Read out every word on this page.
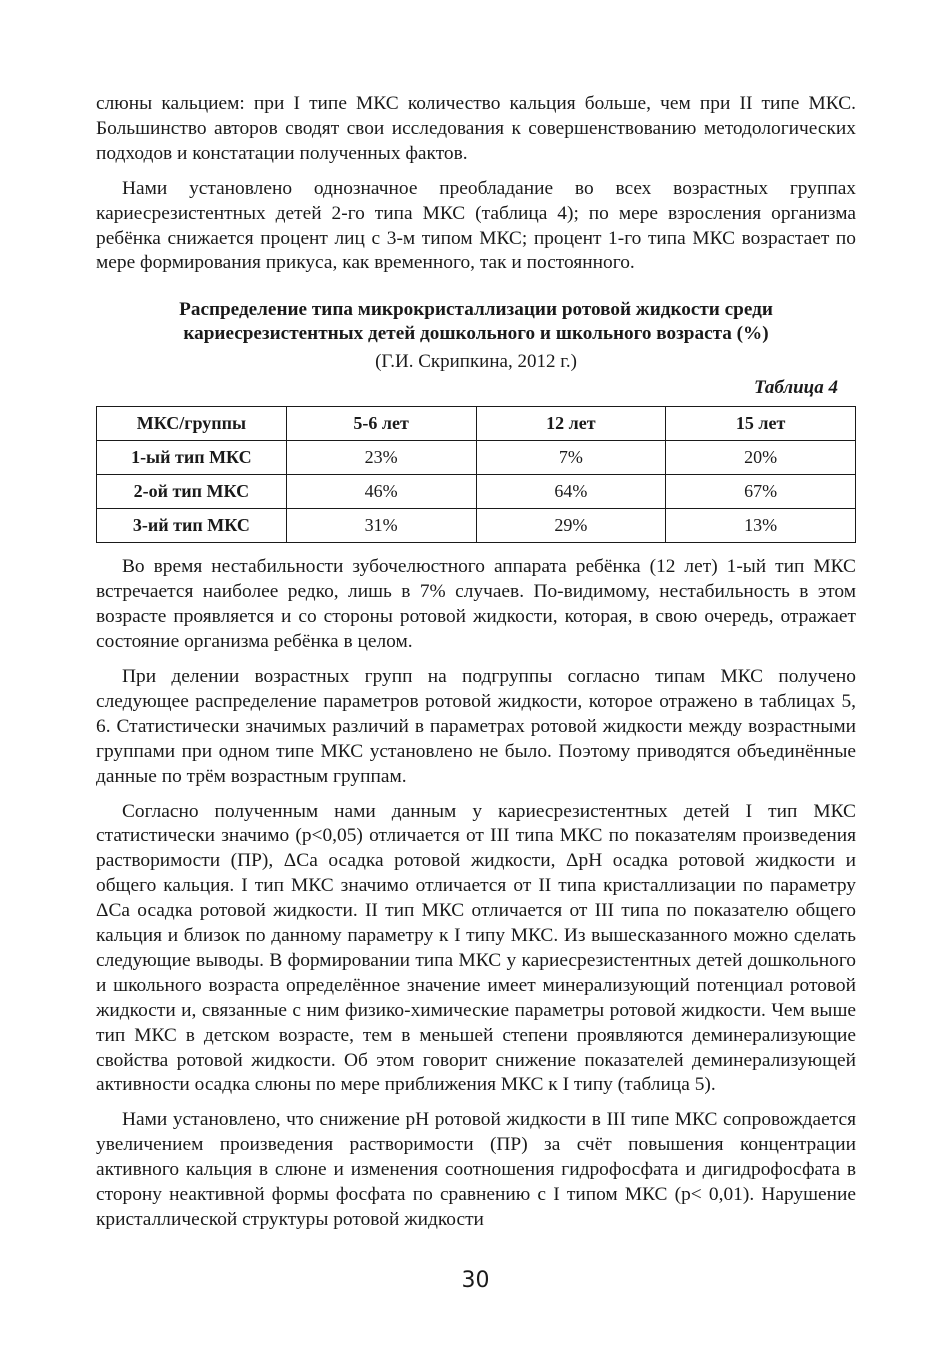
слюны кальцием: при I типе МКС количество кальция больше, чем при II типе МКС. Большинство авторов сводят свои исследования к совершенствованию методологических подходов и констатации полученных фактов.

Нами установлено однозначное преобладание во всех возрастных группах кариесрезистентных детей 2-го типа МКС (таблица 4); по мере взросления организма ребёнка снижается процент лиц с 3-м типом МКС; процент 1-го типа МКС возрастает по мере формирования прикуса, как временного, так и постоянного.

Распределение типа микрокристаллизации ротовой жидкости среди
кариесрезистентных детей дошкольного и школьного возраста (%)
(Г.И. Скрипкина, 2012 г.)
Таблица 4
МКС/группы	5-6 лет	12 лет	15 лет
1-ый тип МКС	23%	7%	20%
2-ой тип МКС	46%	64%	67%
3-ий тип МКС	31%	29%	13%

Во время нестабильности зубочелюстного аппарата ребёнка (12 лет) 1-ый тип МКС встречается наиболее редко, лишь в 7% случаев. По-видимому, нестабильность в этом возрасте проявляется и со стороны ротовой жидкости, которая, в свою очередь, отражает состояние организма ребёнка в целом.

При делении возрастных групп на подгруппы согласно типам МКС получено следующее распределение параметров ротовой жидкости, которое отражено в таблицах 5, 6. Статистически значимых различий в параметрах ротовой жидкости между возрастными группами при одном типе МКС установлено не было. Поэтому приводятся объединённые данные по трём возрастным группам.

Согласно полученным нами данным у кариесрезистентных детей I тип МКС статистически значимо (р<0,05) отличается от III типа МКС по показателям произведения растворимости (ПР), ΔCa осадка ротовой жидкости, ΔрН осадка ротовой жидкости и общего кальция. I тип МКС значимо отличается от II типа кристаллизации по параметру ΔCa осадка ротовой жидкости. II тип МКС отличается от III типа по показателю общего кальция и близок по данному параметру к I типу МКС. Из вышесказанного можно сделать следующие выводы. В формировании типа МКС у кариесрезистентных детей дошкольного и школьного возраста определённое значение имеет минерализующий потенциал ротовой жидкости и, связанные с ним физико-химические параметры ротовой жидкости. Чем выше тип МКС в детском возрасте, тем в меньшей степени проявляются деминерализующие свойства ротовой жидкости. Об этом говорит снижение показателей деминерализующей активности осадка слюны по мере приближения МКС к I типу (таблица 5).

Нами установлено, что снижение рН ротовой жидкости в III типе МКС сопровождается увеличением произведения растворимости (ПР) за счёт повышения концентрации активного кальция в слюне и изменения соотношения гидрофосфата и дигидрофосфата в сторону неактивной формы фосфата по сравнению с I типом МКС (р< 0,01). Нарушение кристаллической структуры ротовой жидкости

30
